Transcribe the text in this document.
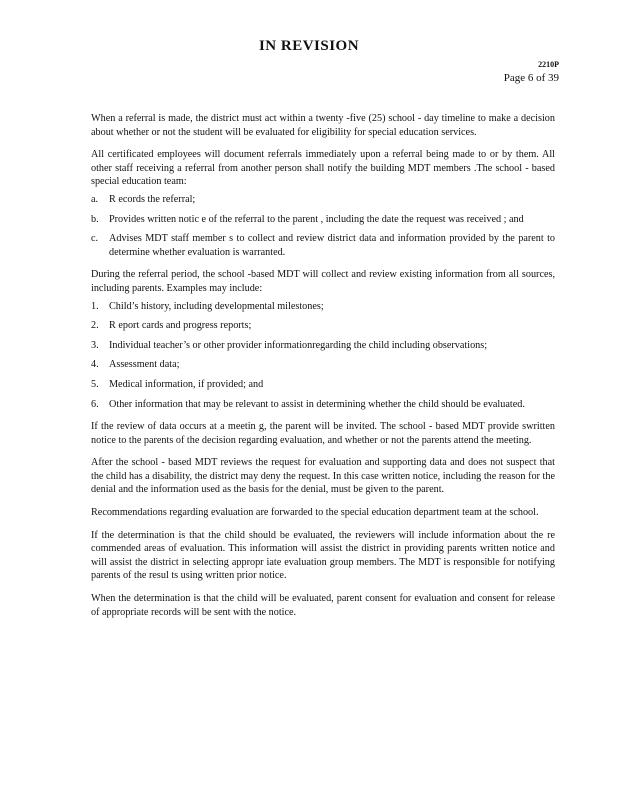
IN REVISION
2210P
Page 6 of 39

When a referral is made, the district must act within a twenty -five (25) school - day timeline to make a decision about whether or not the student will be evaluated for eligibility for special education services.

All certificated employees will document referrals immediately upon a referral being made to or by them. All other staff receiving a referral from another person shall notify the building MDT members .The school - based special education team:

a.	R ecords the referral;
b.	Provides written notic e of the referral to the parent , including the date the request was received ; and
c.	Advises MDT staff member s to collect and review district data and information provided by the parent to determine whether evaluation is warranted.

During the referral period, the school -based MDT will collect and review existing information from all sources, including parents. Examples may include:

1.	Child’s history, including developmental milestones;
2.	R eport cards and progress reports;
3.	Individual teacher’s or other provider informationregarding the child including observations;
4.	Assessment data;
5.	Medical information, if provided; and
6.	Other information that may be relevant to assist in determining whether the child should be evaluated.

If the review of data occurs at a meetin g, the parent will be invited. The school - based MDT provide swritten notice to the parents of the decision regarding evaluation, and whether or not the parents attend the meeting.

After the school - based MDT reviews the request for evaluation and supporting data and does not suspect that the child has a disability, the district may deny the request. In this case written notice, including the reason for the denial and the information used as the basis for the denial, must be given to the parent.

Recommendations regarding evaluation are forwarded to the special education department team at the school.

If the determination is that the child should be evaluated, the reviewers will include information about the re commended areas of evaluation. This information will assist the district in providing parents written notice and will assist the district in selecting appropr iate evaluation group members. The MDT is responsible for notifying parents of the resul ts using written prior notice.

When the determination is that the child will be evaluated, parent consent for evaluation and consent for release of appropriate records will be sent with the notice.
